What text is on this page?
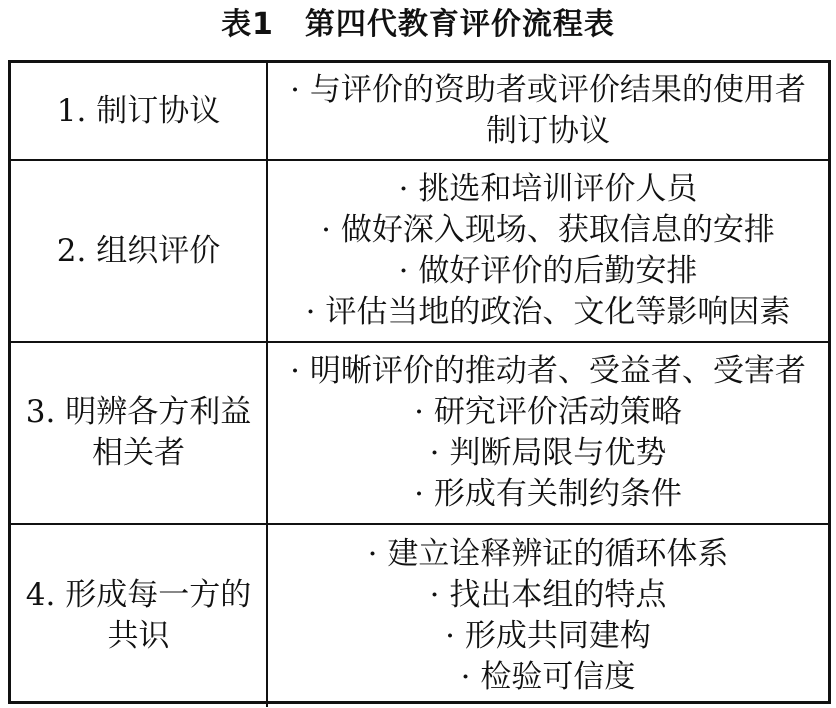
表1　第四代教育评价流程表
1. 制订协议	· 与评价的资助者或评价结果的使用者
制订协议

2. 组织评价	· 挑选和培训评价人员
· 做好深入现场、获取信息的安排
· 做好评价的后勤安排
· 评估当地的政治、文化等影响因素

3. 明辨各方利益相关者	· 明晰评价的推动者、受益者、受害者
· 研究评价活动策略
· 判断局限与优势
· 形成有关制约条件

4. 形成每一方的共识	· 建立诠释辨证的循环体系
· 找出本组的特点
· 形成共同建构
· 检验可信度
